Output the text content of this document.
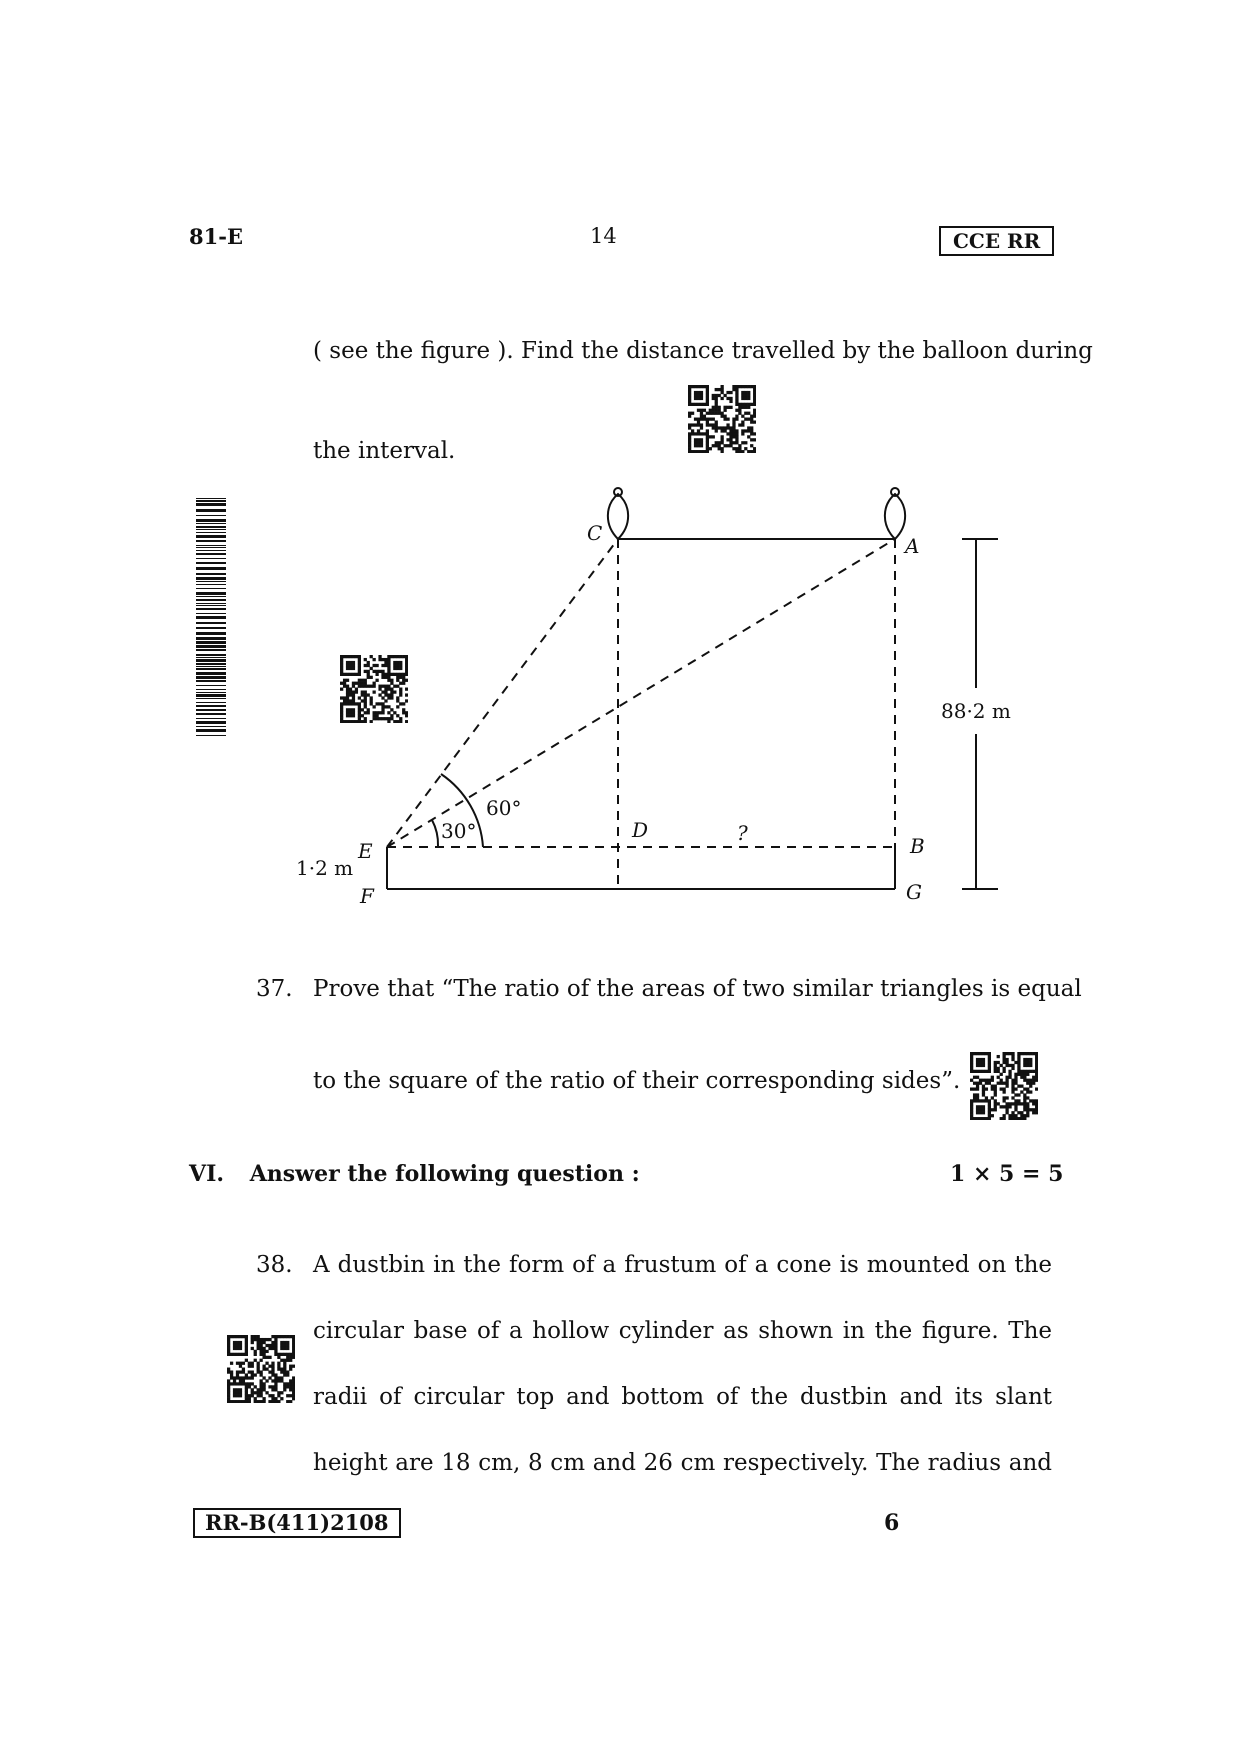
81-E	14	CCE RR
( see the figure ). Find the distance travelled by the balloon during
the interval.
C
A
E
D
B
F	G
30°
60°
88·2 m
1·2 m
?
37. Prove that “The ratio of the areas of two similar triangles is equal
to the square of the ratio of their corresponding sides”.
VI. Answer the following question :	1 × 5 = 5
38. A dustbin in the form of a frustum of a cone is mounted on the
circular base of a hollow cylinder as shown in the figure. The
radii of circular top and bottom of the dustbin and its slant
height are 18 cm, 8 cm and 26 cm respectively. The radius and
RR-B(411)2108	6
